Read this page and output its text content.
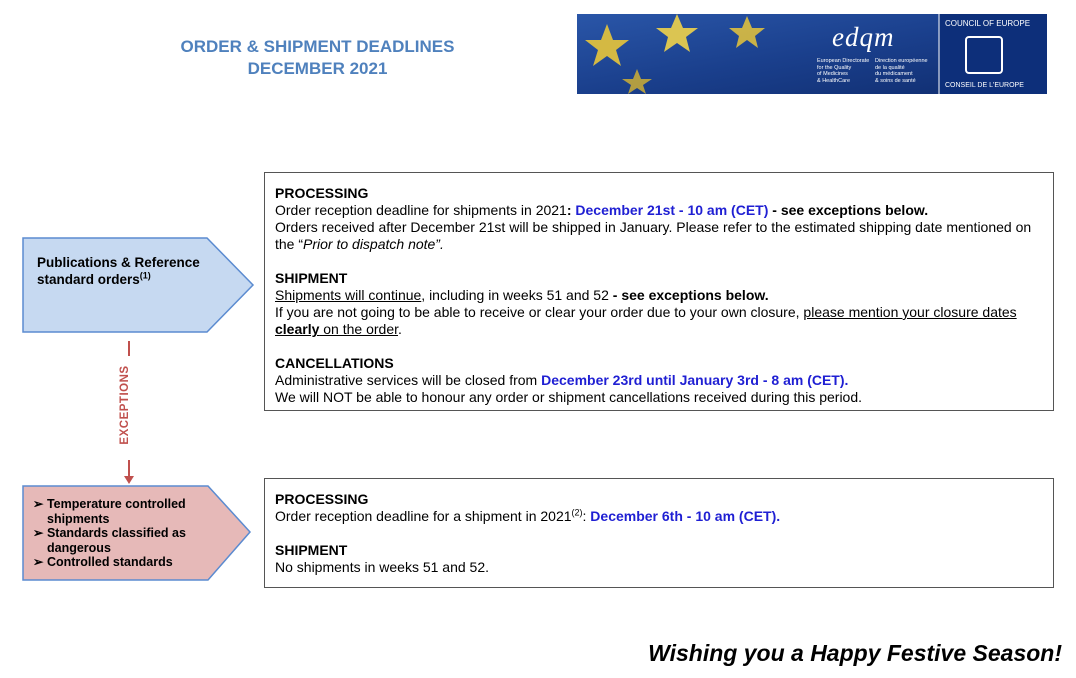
ORDER & SHIPMENT DEADLINES
DECEMBER 2021
edqm
European Directorate
for the Quality
of Medicines
& HealthCare
Direction européenne
de la qualité
du médicament
& soins de santé
COUNCIL OF EUROPE
CONSEIL DE L'EUROPE
Publications & Reference standard orders$^{(1)}$
EXCEPTIONS
➢ Temperature controlled shipments
➢ Standards classified as dangerous
➢ Controlled standards

PROCESSING

Order reception deadline for shipments in 2021: December 21st - 10 am (CET) - see exceptions below.

Orders received after December 21st will be shipped in January. Please refer to the estimated shipping date mentioned on the “Prior to dispatch note”.

SHIPMENT

Shipments will continue, including in weeks 51 and 52 - see exceptions below.

If you are not going to be able to receive or clear your order due to your own closure, please mention your closure dates clearly on the order.

CANCELLATIONS

Administrative services will be closed from December 23rd until January 3rd - 8 am (CET).

We will NOT be able to honour any order or shipment cancellations received during this period.

PROCESSING

Order reception deadline for a shipment in 2021$^{(2)}$: December 6th - 10 am (CET).

SHIPMENT

No shipments in weeks 51 and 52.

Wishing you a Happy Festive Season!
